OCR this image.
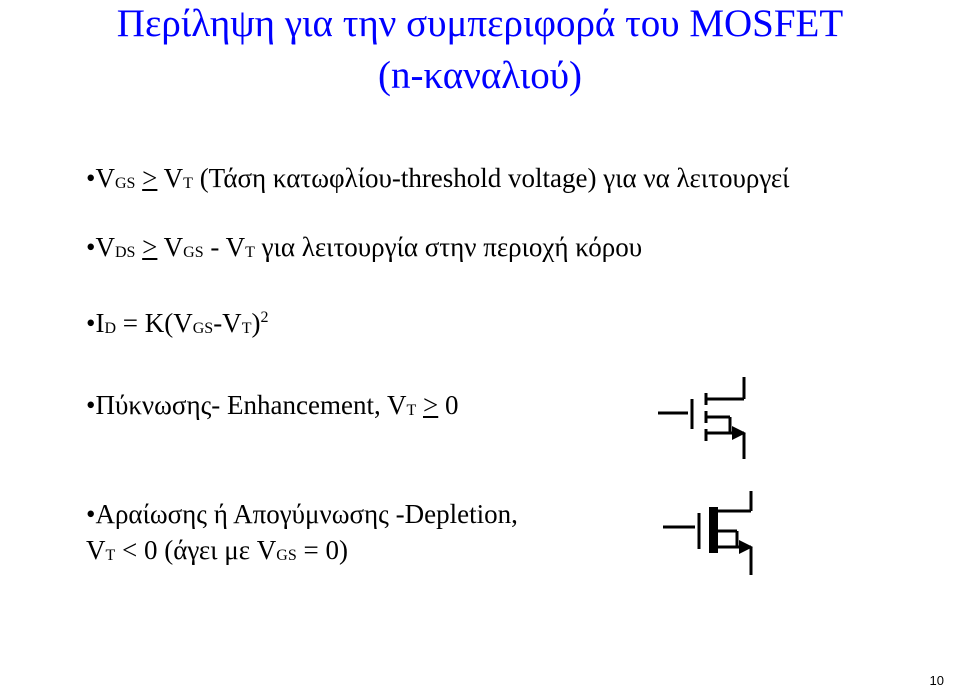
Περίληψη για την συμπεριφορά του MOSFET
(n-καναλιού)
•VGS ≥ VT (Τάση κατωφλίου-threshold voltage) για να λειτουργεί
•VDS ≥ VGS - VT για λειτουργία στην περιοχή κόρου
•ID = $K(VGS-VT)^2$
•Πύκνωσης- Enhancement, VT ≥ 0
•Αραίωσης ή Απογύμνωσης -Depletion,
VT < 0 (άγει με VGS = 0)
10
